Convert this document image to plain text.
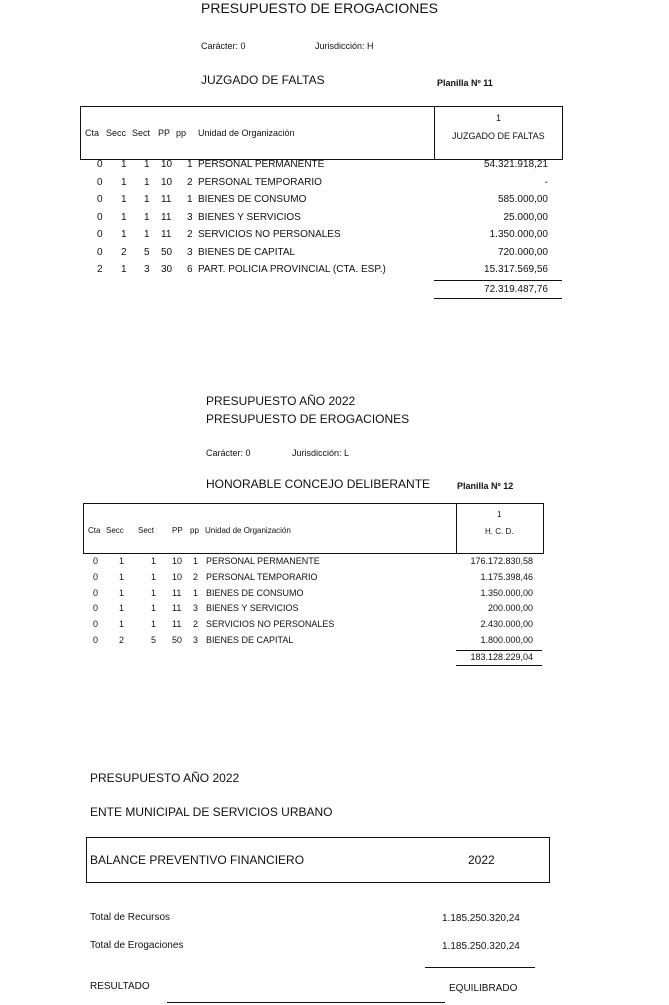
PRESUPUESTO DE EROGACIONES
Carácter: 0	Jurisdicción: H
JUZGADO DE FALTAS	Planilla Nº 11
Cta Secc Sect PP pp Unidad de Organización
1
JUZGADO DE FALTAS
0 1 1 10 1 PERSONAL PERMANENTE	54.321.918,21
0 1 1 10 2 PERSONAL TEMPORARIO	-
0 1 1 11 1 BIENES DE CONSUMO	585.000,00
0 1 1 11 3 BIENES Y SERVICIOS	25.000,00
0 1 1 11 2 SERVICIOS NO PERSONALES	1.350.000,00
0 2 5 50 3 BIENES DE CAPITAL	720.000,00
2 1 3 30 6 PART. POLICIA PROVINCIAL (CTA. ESP.)	15.317.569,56
72.319.487,76
PRESUPUESTO AÑO 2022
PRESUPUESTO DE EROGACIONES
Carácter: 0	Jurisdicción: L
HONORABLE CONCEJO DELIBERANTE	Planilla Nº 12
Cta Secc Sect PP pp Unidad de Organización
1
H. C. D.
0 1	1 10 1 PERSONAL PERMANENTE	176.172.830,58
0 1	1 10 2 PERSONAL TEMPORARIO	1.175.398,46
0 1	1 11 1 BIENES DE CONSUMO	1.350.000,00
0 1	1 11 3 BIENES Y SERVICIOS	200.000,00
0 1	1 11 2 SERVICIOS NO PERSONALES	2.430.000,00
0 2	5 50 3 BIENES DE CAPITAL	1.800.000,00
183.128.229,04
PRESUPUESTO AÑO 2022
ENTE MUNICIPAL DE SERVICIOS URBANO
BALANCE PREVENTIVO FINANCIERO	2022
Total de Recursos	1.185.250.320,24
Total de Erogaciones	1.185.250.320,24
RESULTADO	EQUILIBRADO
